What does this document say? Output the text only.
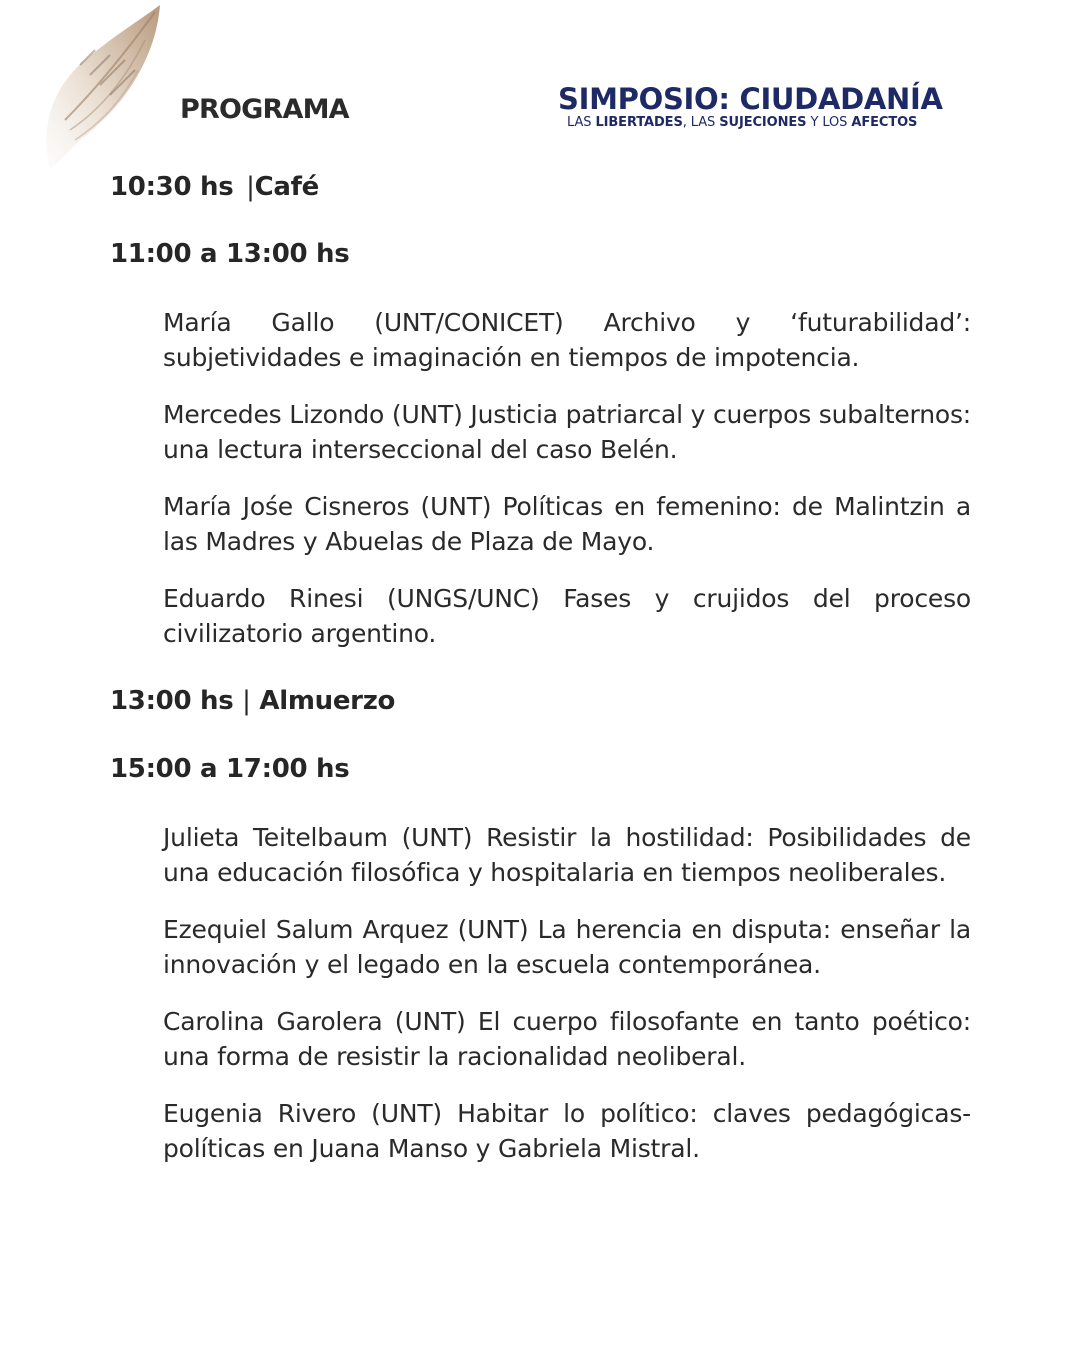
PROGRAMA	SIMPOSIO: CIUDADANÍA
LAS LIBERTADES, LAS SUJECIONES Y LOS AFECTOS
10:30 hs |Café
11:00 a 13:00 hs
María Gallo (UNT/CONICET) Archivo y ‘futurabilidad’: subjetividades e imaginación en tiempos de impotencia.
Mercedes Lizondo (UNT) Justicia patriarcal y cuerpos subalternos: una lectura interseccional del caso Belén.
María Jośe Cisneros (UNT) Políticas en femenino: de Malintzin a las Madres y Abuelas de Plaza de Mayo.
Eduardo Rinesi (UNGS/UNC) Fases y crujidos del proceso civilizatorio argentino.
13:00 hs | Almuerzo
15:00 a 17:00 hs
Julieta Teitelbaum (UNT) Resistir la hostilidad: Posibilidades de una educación filosófica y hospitalaria en tiempos neoliberales.
Ezequiel Salum Arquez (UNT) La herencia en disputa: enseñar la innovación y el legado en la escuela contemporánea.
Carolina Garolera (UNT) El cuerpo filosofante en tanto poético: una forma de resistir la racionalidad neoliberal.
Eugenia Rivero (UNT) Habitar lo político: claves pedagógicas-políticas en Juana Manso y Gabriela Mistral.
